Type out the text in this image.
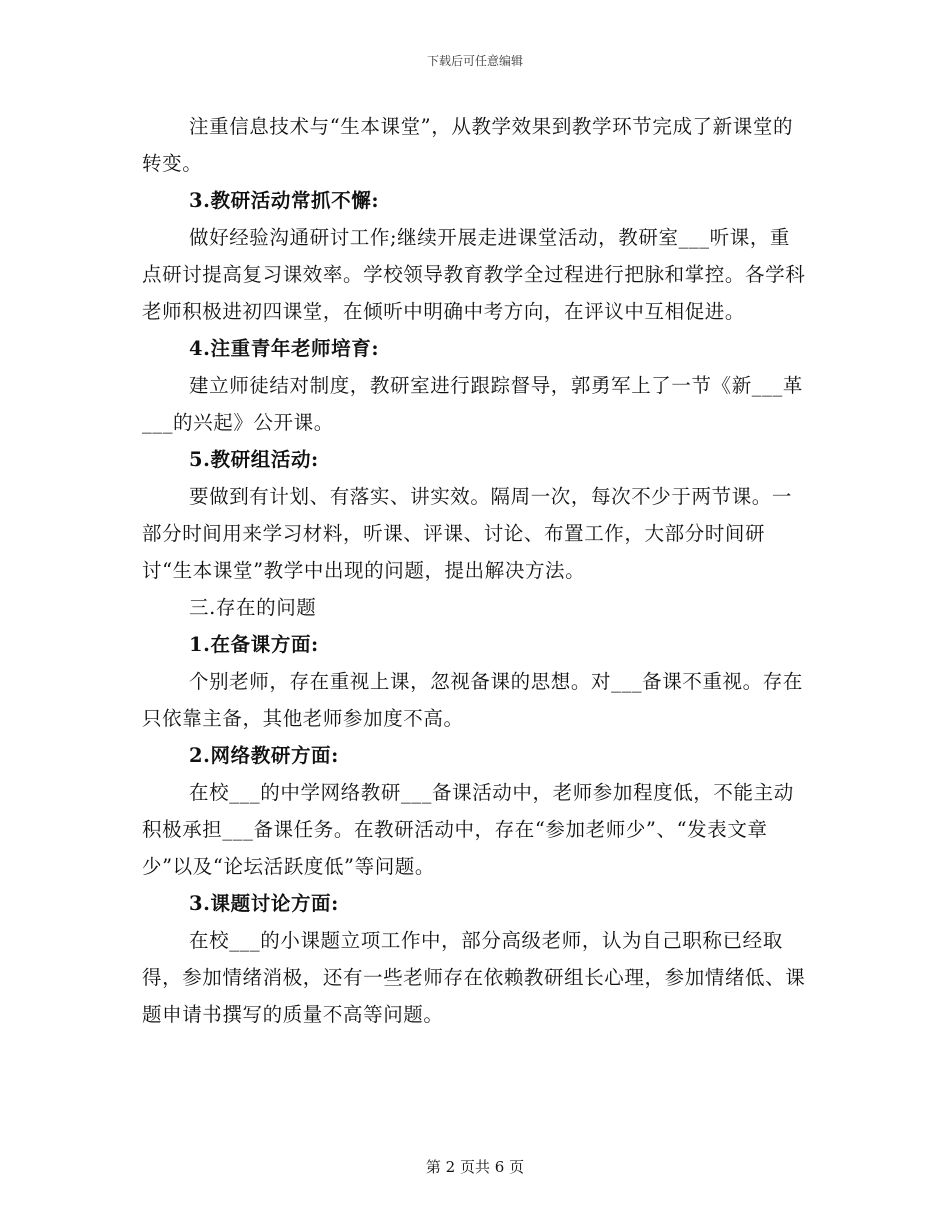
下载后可任意编辑

注重信息技术与“生本课堂”，从教学效果到教学环节完成了新课堂的转变。

3.教研活动常抓不懈:

做好经验沟通研讨工作;继续开展走进课堂活动，教研室___听课，重点研讨提高复习课效率。学校领导教育教学全过程进行把脉和掌控。各学科老师积极进初四课堂，在倾听中明确中考方向，在评议中互相促进。

4.注重青年老师培育:

建立师徒结对制度，教研室进行跟踪督导，郭勇军上了一节《新___革___的兴起》公开课。

5.教研组活动:

要做到有计划、有落实、讲实效。隔周一次，每次不少于两节课。一部分时间用来学习材料，听课、评课、讨论、布置工作，大部分时间研讨“生本课堂”教学中出现的问题，提出解决方法。

三.存在的问题

1.在备课方面:

个别老师，存在重视上课，忽视备课的思想。对___备课不重视。存在只依靠主备，其他老师参加度不高。

2.网络教研方面:

在校___的中学网络教研___备课活动中，老师参加程度低，不能主动积极承担___备课任务。在教研活动中，存在“参加老师少”、“发表文章少”以及“论坛活跃度低”等问题。

3.课题讨论方面:

在校___的小课题立项工作中，部分高级老师，认为自己职称已经取得，参加情绪消极，还有一些老师存在依赖教研组长心理，参加情绪低、课题申请书撰写的质量不高等问题。

第 2 页共 6 页
